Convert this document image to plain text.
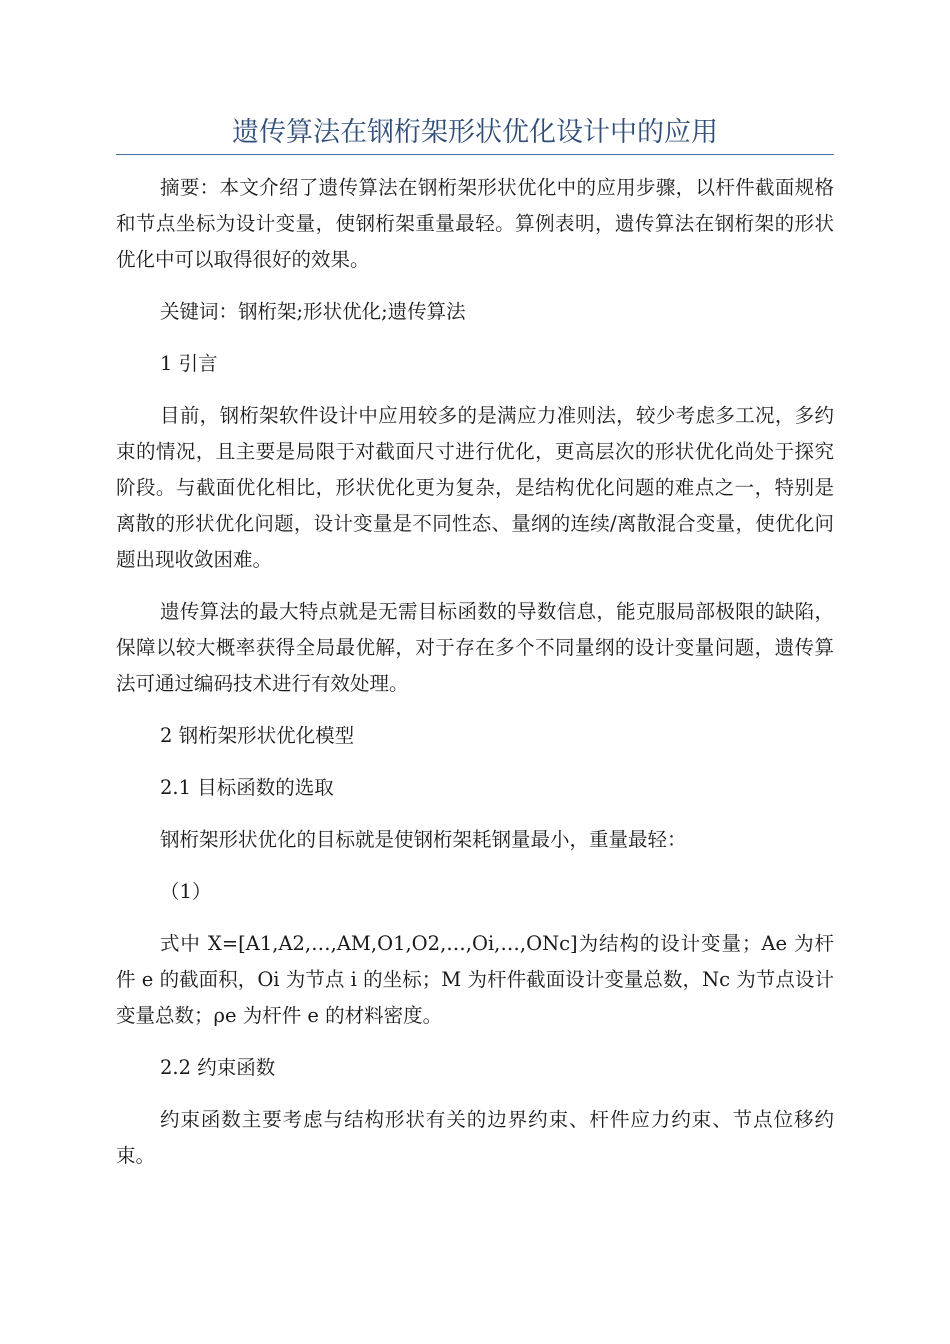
遗传算法在钢桁架形状优化设计中的应用

摘要：本文介绍了遗传算法在钢桁架形状优化中的应用步骤，以杆件截面规格和节点坐标为设计变量，使钢桁架重量最轻。算例表明，遗传算法在钢桁架的形状优化中可以取得很好的效果。

关键词：钢桁架;形状优化;遗传算法

1 引言

目前，钢桁架软件设计中应用较多的是满应力准则法，较少考虑多工况，多约束的情况，且主要是局限于对截面尺寸进行优化，更高层次的形状优化尚处于探究阶段。与截面优化相比，形状优化更为复杂，是结构优化问题的难点之一，特别是离散的形状优化问题，设计变量是不同性态、量纲的连续/离散混合变量，使优化问题出现收敛困难。

遗传算法的最大特点就是无需目标函数的导数信息，能克服局部极限的缺陷，保障以较大概率获得全局最优解，对于存在多个不同量纲的设计变量问题，遗传算法可通过编码技术进行有效处理。

2 钢桁架形状优化模型

2.1 目标函数的选取

钢桁架形状优化的目标就是使钢桁架耗钢量最小，重量最轻：

（1）

式中 X=[A1,A2,…,AM,O1,O2,…,Oi,…,ONc]为结构的设计变量；Ae 为杆件 e 的截面积，Oi 为节点 i 的坐标；M 为杆件截面设计变量总数，Nc 为节点设计变量总数；ρe 为杆件 e 的材料密度。

2.2 约束函数

约束函数主要考虑与结构形状有关的边界约束、杆件应力约束、节点位移约束。
